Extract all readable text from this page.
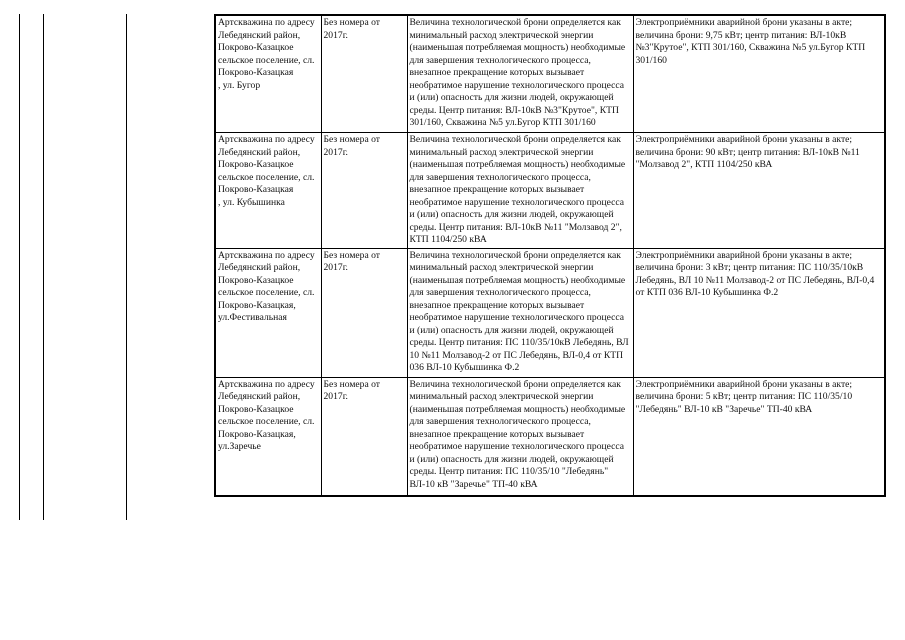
Артскважина по адресу Лебедянский район, Покрово-Казацкое сельское поселение, сл. Покрово-Казацкая
, ул. Бугор	Без номера от 2017г.	Величина технологической брони определяется как минимальный расход электрической энергии (наименьшая потребляемая мощность) необходимые для завершения технологического процесса, внезапное прекращение которых вызывает необратимое нарушение технологического процесса и (или) опасность для жизни людей, окружающей среды. Центр питания: ВЛ-10кВ №3"Крутое", КТП 301/160, Скважина №5 ул.Бугор КТП 301/160	Электроприёмники аварийной брони указаны в акте; величина брони: 9,75 кВт; центр питания: ВЛ-10кВ №3"Крутое", КТП 301/160, Скважина №5 ул.Бугор КТП 301/160

Артскважина по адресу Лебедянский район, Покрово-Казацкое сельское поселение, сл. Покрово-Казацкая
, ул. Кубышинка	Без номера от 2017г.	Величина технологической брони определяется как минимальный расход электрической энергии (наименьшая потребляемая мощность) необходимые для завершения технологического процесса, внезапное прекращение которых вызывает необратимое нарушение технологического процесса и (или) опасность для жизни людей, окружающей среды. Центр питания: ВЛ-10кВ №11 "Молзавод 2", КТП 1104/250 кВА	Электроприёмники аварийной брони указаны в акте; величина брони: 90 кВт; центр питания: ВЛ-10кВ №11 "Молзавод 2", КТП 1104/250 кВА

Артскважина по адресу Лебедянский район, Покрово-Казацкое сельское поселение, сл. Покрово-Казацкая,
ул.Фестивальная	Без номера от 2017г.	Величина технологической брони определяется как минимальный расход электрической энергии (наименьшая потребляемая мощность) необходимые для завершения технологического процесса, внезапное прекращение которых вызывает необратимое нарушение технологического процесса и (или) опасность для жизни людей, окружающей среды. Центр питания: ПС 110/35/10кВ Лебедянь, ВЛ 10 №11 Молзавод-2 от ПС Лебедянь, ВЛ-0,4 от КТП 036 ВЛ-10 Кубышинка Ф.2	Электроприёмники аварийной брони указаны в акте; величина брони: 3 кВт; центр питания: ПС 110/35/10кВ Лебедянь, ВЛ 10 №11 Молзавод-2 от ПС Лебедянь, ВЛ-0,4 от КТП 036 ВЛ-10 Кубышинка Ф.2

Артскважина по адресу Лебедянский район, Покрово-Казацкое сельское поселение, сл. Покрово-Казацкая,
ул.Заречье	Без номера от 2017г.	Величина технологической брони определяется как минимальный расход электрической энергии (наименьшая потребляемая мощность) необходимые для завершения технологического процесса, внезапное прекращение которых вызывает необратимое нарушение технологического процесса и (или) опасность для жизни людей, окружающей среды. Центр питания: ПС 110/35/10 "Лебедянь" ВЛ-10 кВ "Заречье" ТП-40 кВА	Электроприёмники аварийной брони указаны в акте; величина брони: 5 кВт; центр питания: ПС 110/35/10 "Лебедянь" ВЛ-10 кВ "Заречье" ТП-40 кВА
